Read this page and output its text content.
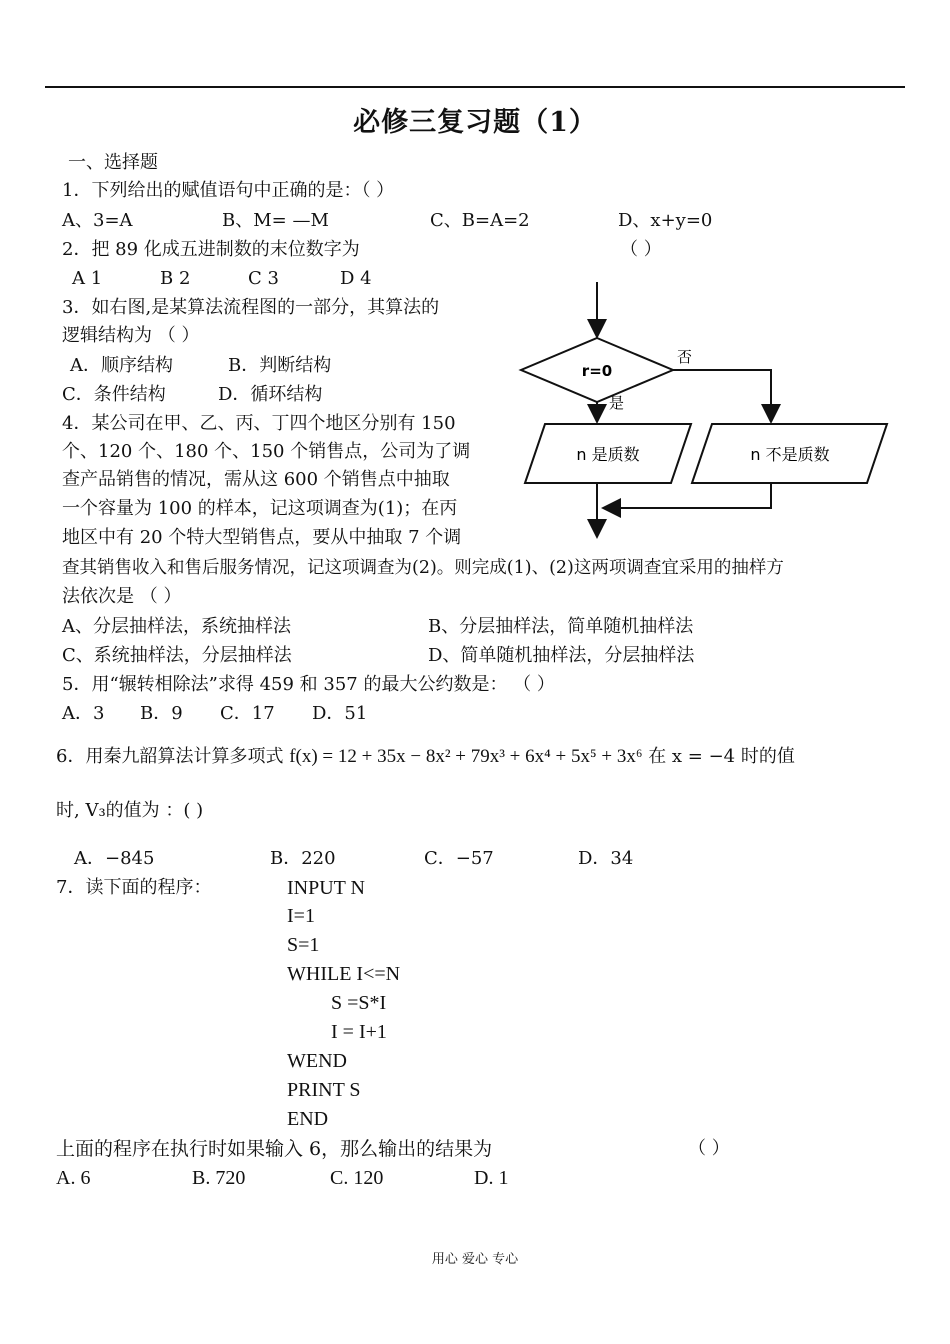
必修三复习题（1）
一、选择题
1．下列给出的赋值语句中正确的是：（ ）
A、3=A	B、M= —M	C、B=A=2	D、x+y=0
2．把 89 化成五进制数的末位数字为	（ ）
A 1	B 2	C 3	D 4
3．如右图,是某算法流程图的一部分，其算法的
逻辑结构为 （ ）
A．顺序结构	B．判断结构
C．条件结构	D．循环结构
r=0
否
是
n 是质数	n 不是质数
4．某公司在甲、乙、丙、丁四个地区分别有 150
个、120 个、180 个、150 个销售点，公司为了调
查产品销售的情况，需从这 600 个销售点中抽取
一个容量为 100 的样本，记这项调查为(1)；在丙
地区中有 20 个特大型销售点，要从中抽取 7 个调
查其销售收入和售后服务情况，记这项调查为(2)。则完成(1)、(2)这两项调查宜采用的抽样方
法依次是 （ ）
A、分层抽样法，系统抽样法	B、分层抽样法，简单随机抽样法
C、系统抽样法，分层抽样法	D、简单随机抽样法，分层抽样法
5．用“辗转相除法”求得 459 和 357 的最大公约数是： （ ）
A．3 B．9 C．17 D．51
6．用秦九韶算法计算多项式 f(x) = 12 + 35x − 8x² + 79x³ + 6x⁴ + 5x⁵ + 3x⁶ 在 x = −4 时的值
时, V₃的值为 ：( )
A．−845	B．220	C．−57	D．34
7．读下面的程序：	INPUT N
I=1
S=1
WHILE I<=N
S =S*I
I = I+1
WEND
PRINT S
END
上面的程序在执行时如果输入 6，那么输出的结果为	（ ）
A. 6	B. 720	C. 120	D. 1
用心 爱心 专心
